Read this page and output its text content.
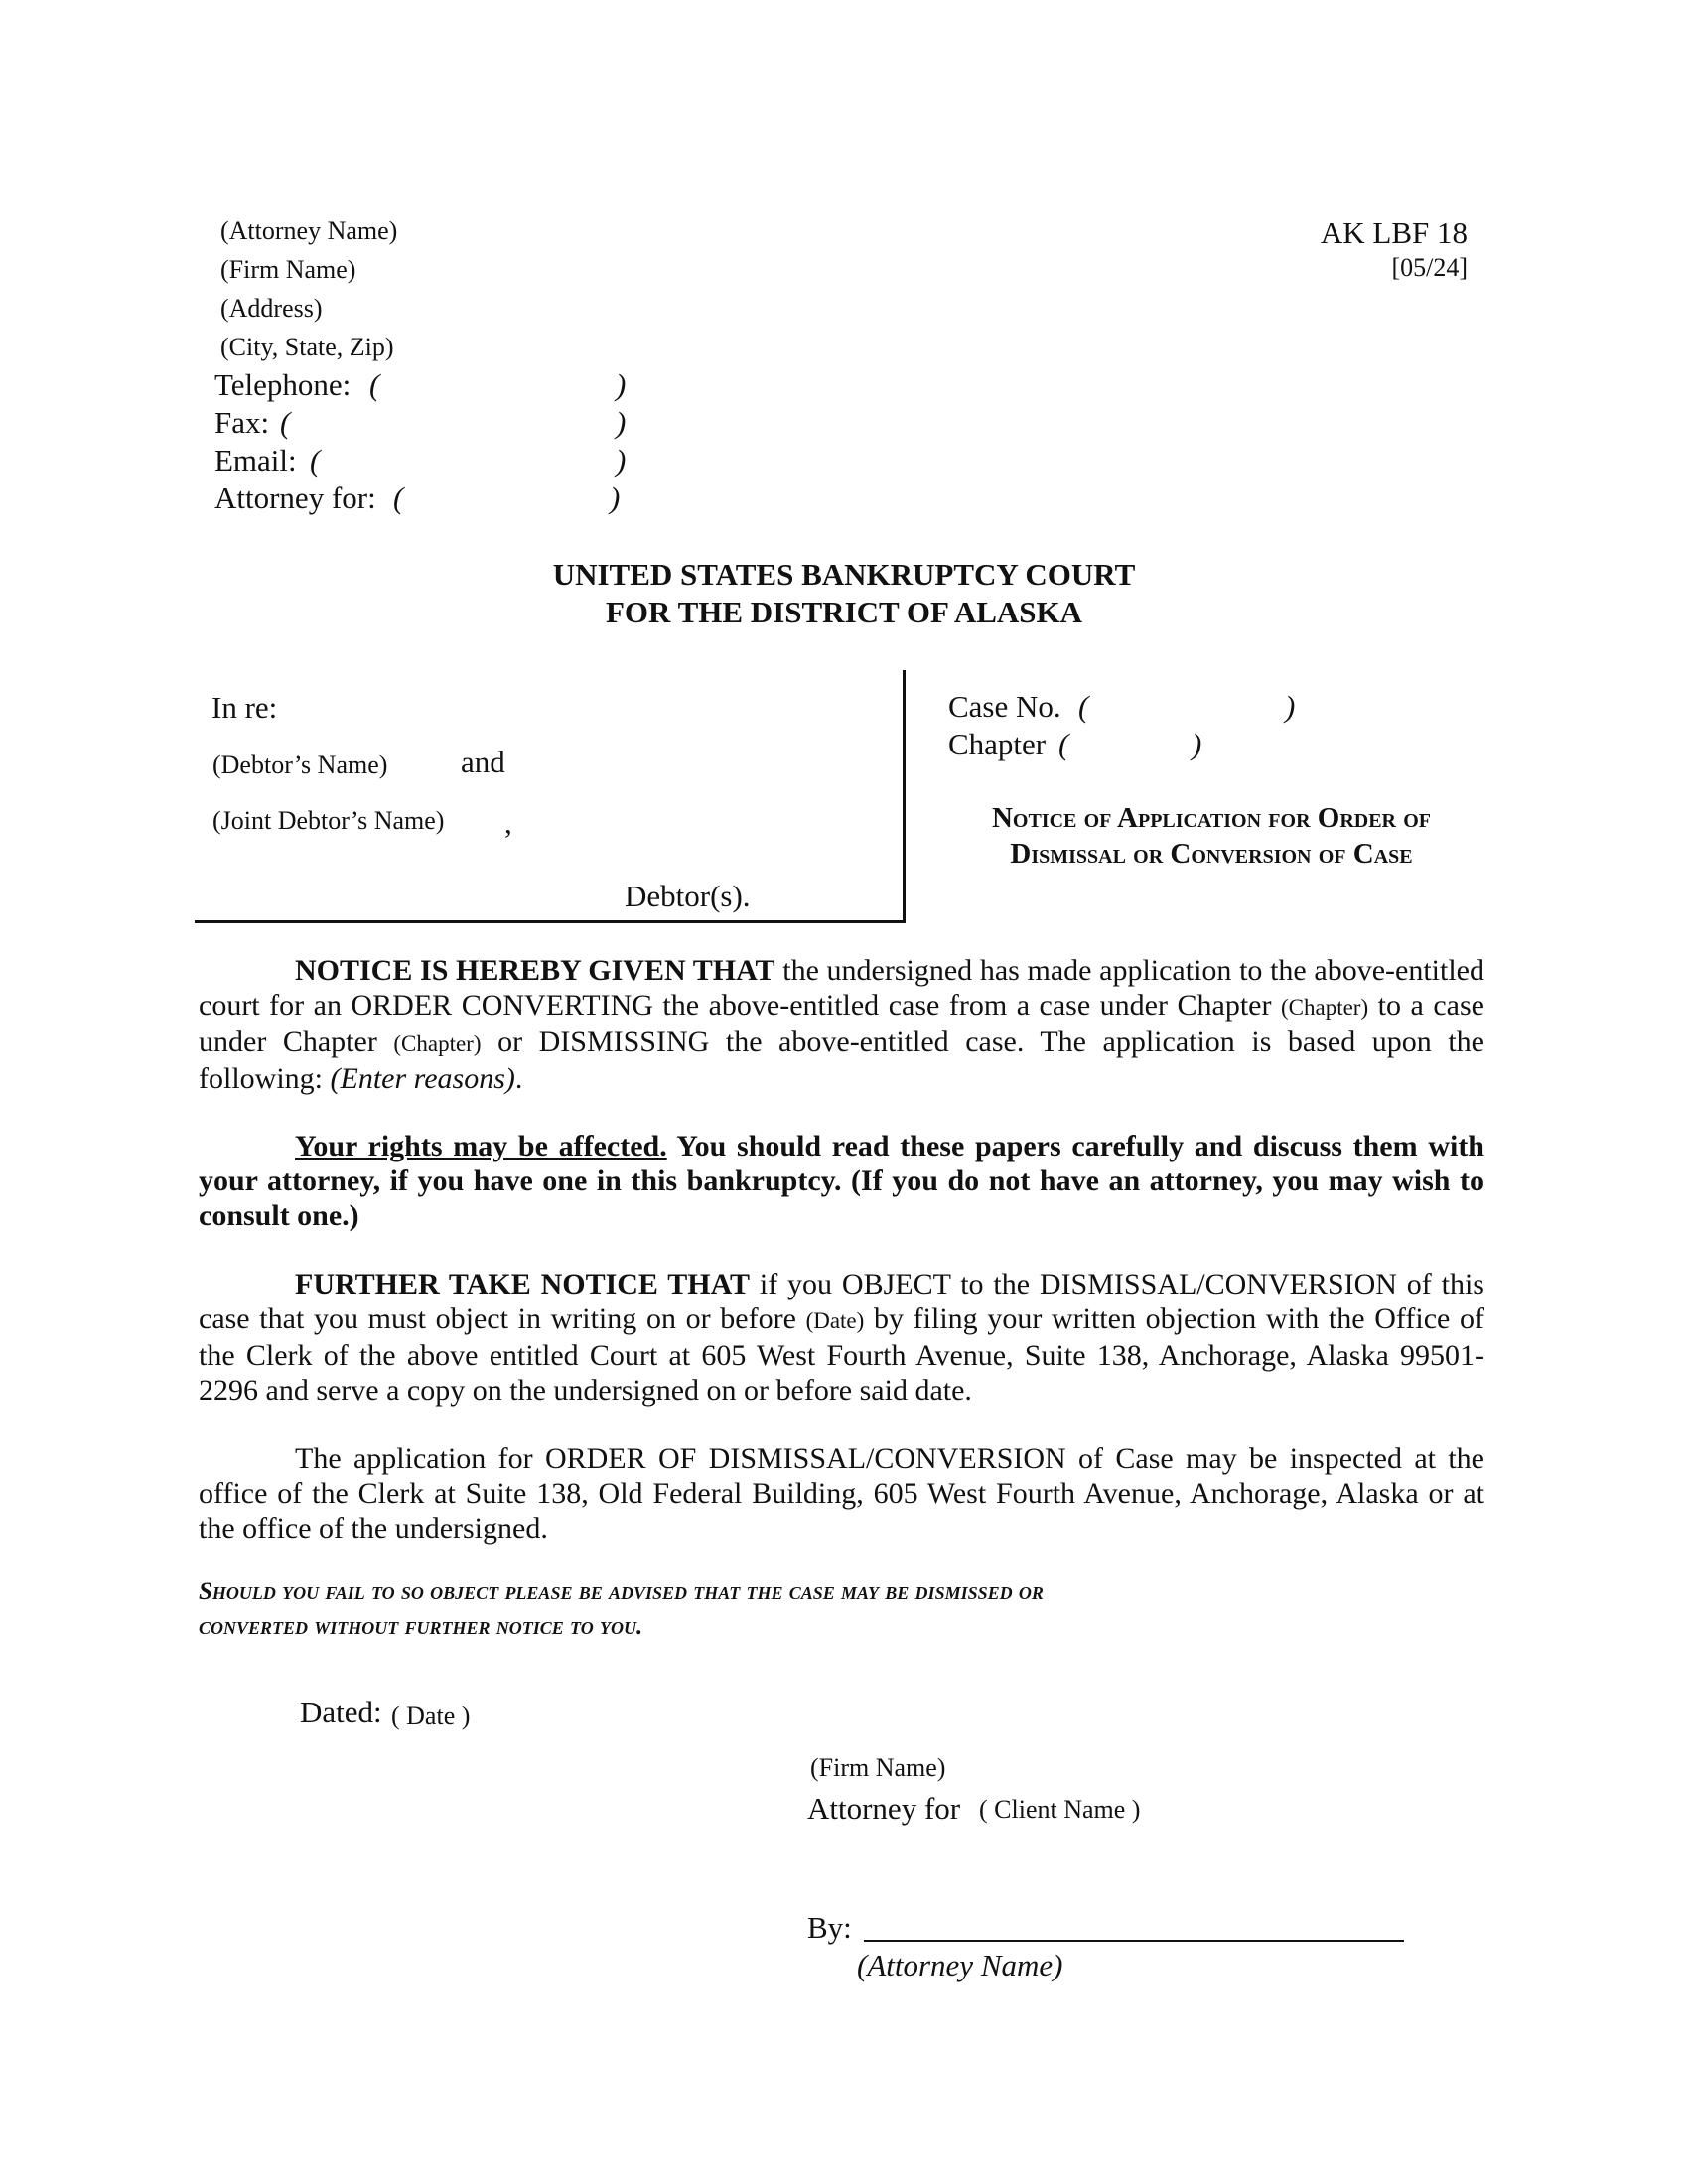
(Attorney Name)
(Firm Name)
(Address)
(City, State, Zip)
Telephone: (	)
Fax: (	)
Email: (	)
Attorney for: (	)
AK LBF 18
[05/24]
UNITED STATES BANKRUPTCY COURT
FOR THE DISTRICT OF ALASKA
In re:
(Debtor’s Name) and
(Joint Debtor’s Name) ,
Debtor(s).
Case No. (	)
Chapter (	)
Notice of Application for Order of
Dismissal or Conversion of Case

NOTICE IS HEREBY GIVEN THAT the undersigned has made application to the above-entitled court for an ORDER CONVERTING the above-entitled case from a case under Chapter (Chapter) to a case under Chapter (Chapter) or DISMISSING the above-entitled case. The application is based upon the following: (Enter reasons).

Your rights may be affected. You should read these papers carefully and discuss them with your attorney, if you have one in this bankruptcy. (If you do not have an attorney, you may wish to consult one.)

FURTHER TAKE NOTICE THAT if you OBJECT to the DISMISSAL/CONVERSION of this case that you must object in writing on or before (Date) by filing your written objection with the Office of the Clerk of the above entitled Court at 605 West Fourth Avenue, Suite 138, Anchorage, Alaska 99501-2296 and serve a copy on the undersigned on or before said date.

The application for ORDER OF DISMISSAL/CONVERSION of Case may be inspected at the office of the Clerk at Suite 138, Old Federal Building, 605 West Fourth Avenue, Anchorage, Alaska or at the office of the undersigned.

Should you fail to so object please be advised that the case may be dismissed or
converted without further notice to you.
Dated: ( Date )
(Firm Name)
Attorney for ( Client Name )
By:
(Attorney Name)
